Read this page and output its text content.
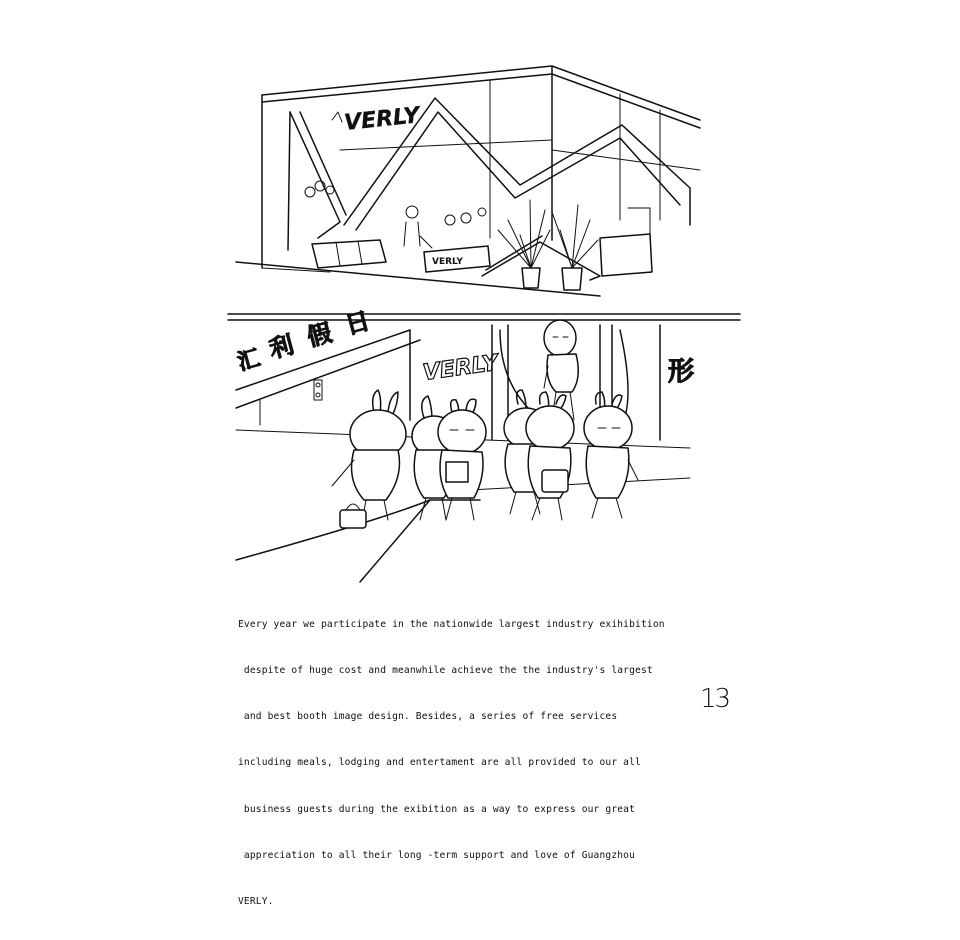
VERLY
VERLY
汇 利 假 日
VERLY	形

Every year we participate in the nationwide largest industry exihibition

despite of huge cost and meanwhile achieve the the industry's largest

and best booth image design. Besides, a series of free services

including meals, lodging and entertament are all provided to our all

business guests during the exibition as a way to express our great

appreciation to all their long -term support and love of Guangzhou

VERLY.

13
